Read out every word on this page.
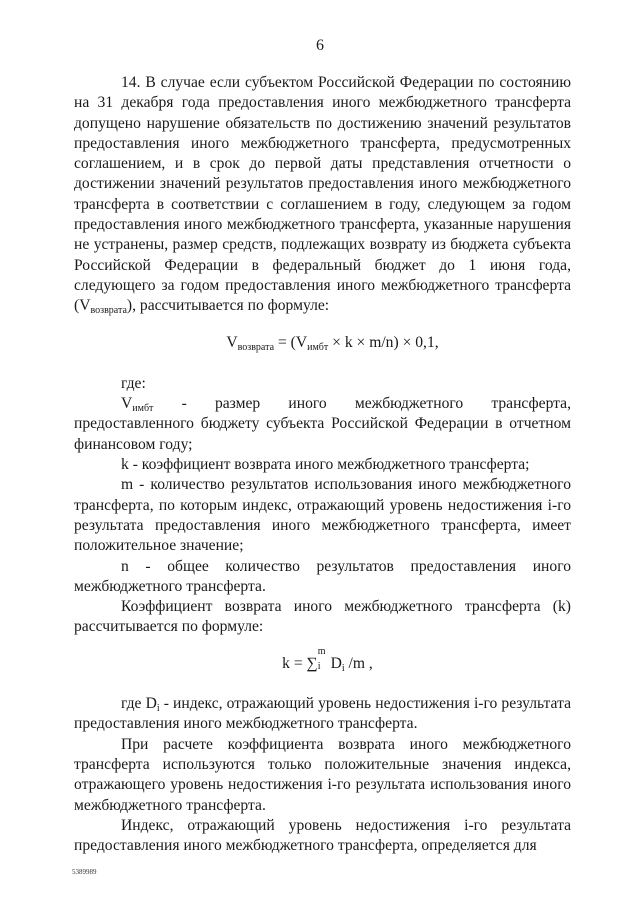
6

14. В случае если субъектом Российской Федерации по состоянию на 31 декабря года предоставления иного межбюджетного трансферта допущено нарушение обязательств по достижению значений результатов предоставления иного межбюджетного трансферта, предусмотренных соглашением, и в срок до первой даты представления отчетности о достижении значений результатов предоставления иного межбюджетного трансферта в соответствии с соглашением в году, следующем за годом предоставления иного межбюджетного трансферта, указанные нарушения не устранены, размер средств, подлежащих возврату из бюджета субъекта Российской Федерации в федеральный бюджет до 1 июня года, следующего за годом предоставления иного межбюджетного трансферта $(V_{возврата})$, рассчитывается по формуле:

$V_{возврата} = (V_{имбт} \times k \times m/n) \times 0,1$,

где:

$V_{имбт}$ - размер иного межбюджетного трансферта, предоставленного бюджету субъекта Российской Федерации в отчетном финансовом году;

k - коэффициент возврата иного межбюджетного трансферта;

m - количество результатов использования иного межбюджетного трансферта, по которым индекс, отражающий уровень недостижения i-го результата предоставления иного межбюджетного трансферта, имеет положительное значение;

n - общее количество результатов предоставления иного межбюджетного трансферта.

Коэффициент возврата иного межбюджетного трансферта (k) рассчитывается по формуле:

k = ∑
m
i $D_i$ /m ,

где $D_i$ - индекс, отражающий уровень недостижения i-го результата предоставления иного межбюджетного трансферта.

При расчете коэффициента возврата иного межбюджетного трансферта используются только положительные значения индекса, отражающего уровень недостижения i-го результата использования иного межбюджетного трансферта.

Индекс, отражающий уровень недостижения i-го результата предоставления иного межбюджетного трансферта, определяется для

5389989
